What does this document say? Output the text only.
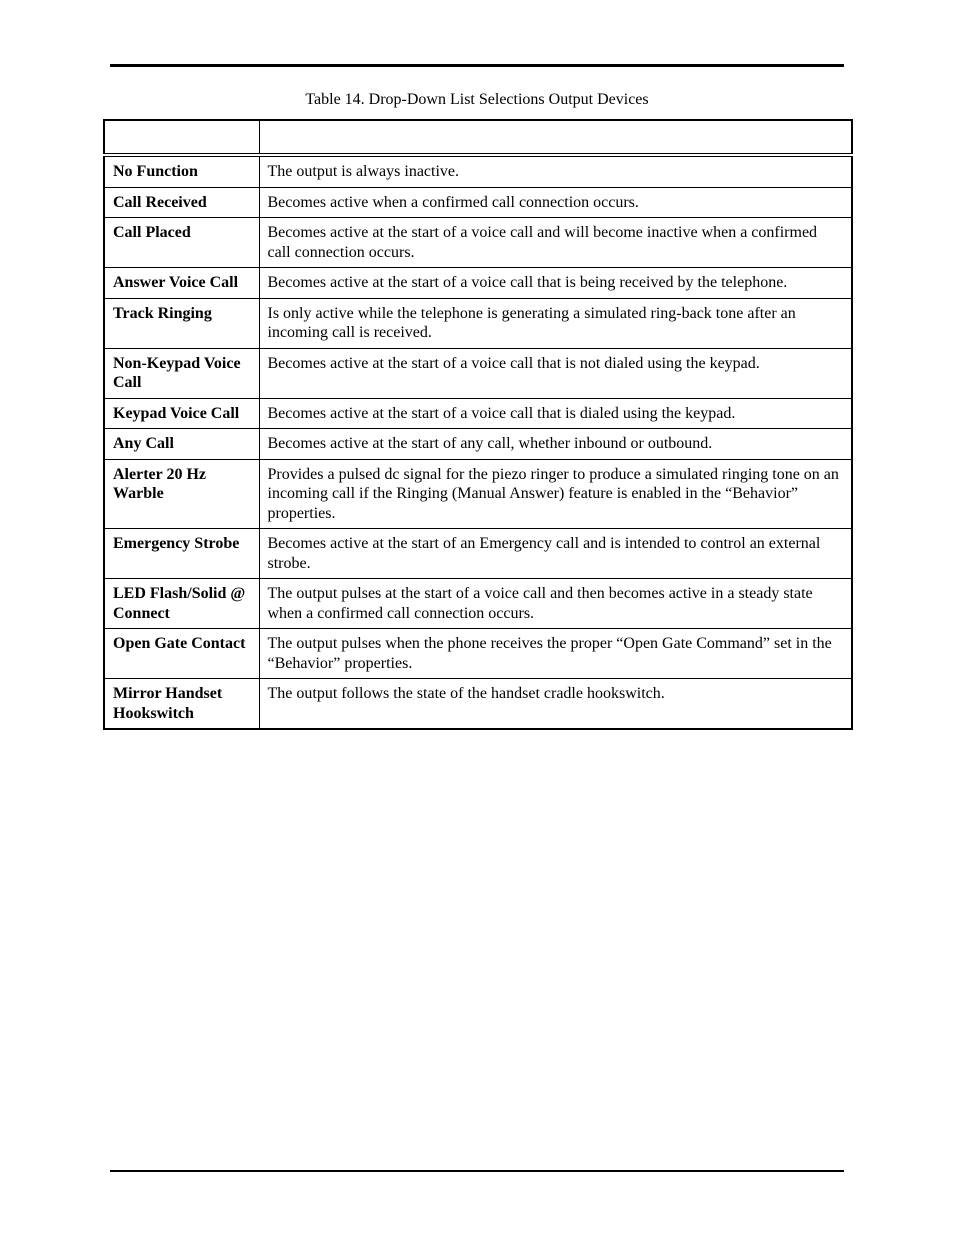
Table 14. Drop-Down List Selections Output Devices

No Function	The output is always inactive.
Call Received	Becomes active when a confirmed call connection occurs.
Call Placed	Becomes active at the start of a voice call and will become inactive when a confirmed call connection occurs.
Answer Voice Call	Becomes active at the start of a voice call that is being received by the telephone.
Track Ringing	Is only active while the telephone is generating a simulated ring-back tone after an incoming call is received.
Non-Keypad Voice Call	Becomes active at the start of a voice call that is not dialed using the keypad.
Keypad Voice Call	Becomes active at the start of a voice call that is dialed using the keypad.
Any Call	Becomes active at the start of any call, whether inbound or outbound.
Alerter 20 Hz Warble	Provides a pulsed dc signal for the piezo ringer to produce a simulated ringing tone on an incoming call if the Ringing (Manual Answer) feature is enabled in the “Behavior” properties.
Emergency Strobe	Becomes active at the start of an Emergency call and is intended to control an external strobe.
LED Flash/Solid @ Connect	The output pulses at the start of a voice call and then becomes active in a steady state when a confirmed call connection occurs.
Open Gate Contact	The output pulses when the phone receives the proper “Open Gate Command” set in the “Behavior” properties.
Mirror Handset Hookswitch	The output follows the state of the handset cradle hookswitch.
